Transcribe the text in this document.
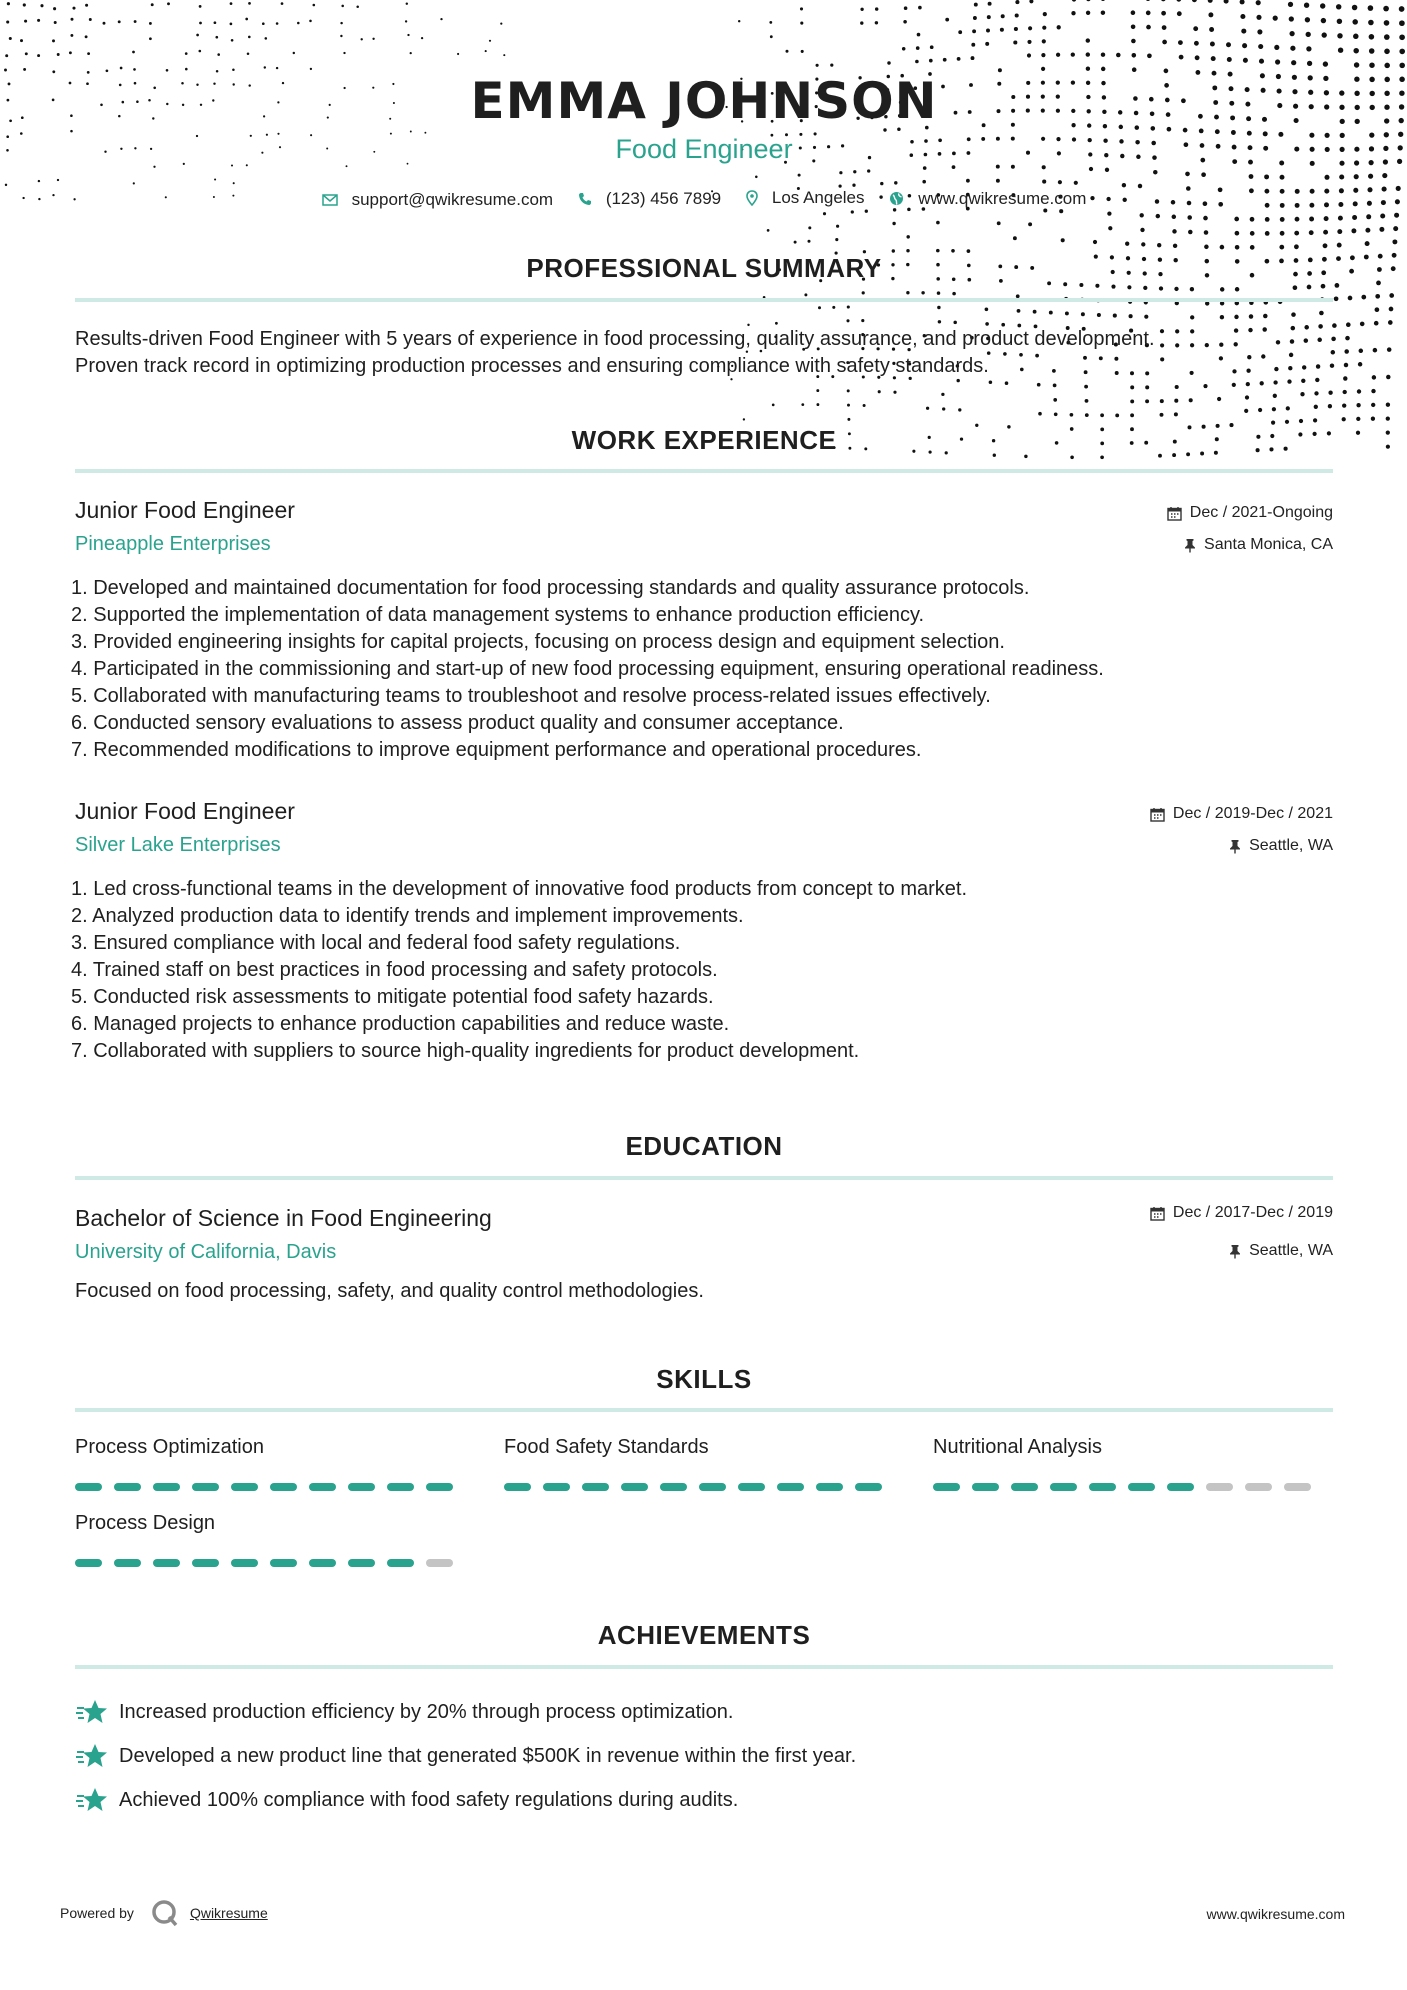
EMMA JOHNSON
Food Engineer
support@qwikresume.com
	(123) 456 7899
	Los Angeles
	www.qwikresume.com
PROFESSIONAL SUMMARY
Results-driven Food Engineer with 5 years of experience in food processing, quality assurance, and product development.
Proven track record in optimizing production processes and ensuring compliance with safety standards.
WORK EXPERIENCE
Junior Food Engineer
Pineapple Enterprises
Dec / 2021-Ongoing
Santa Monica, CA
1. Developed and maintained documentation for food processing standards and quality assurance protocols.
2. Supported the implementation of data management systems to enhance production efficiency.
3. Provided engineering insights for capital projects, focusing on process design and equipment selection.
4. Participated in the commissioning and start-up of new food processing equipment, ensuring operational readiness.
5. Collaborated with manufacturing teams to troubleshoot and resolve process-related issues effectively.
6. Conducted sensory evaluations to assess product quality and consumer acceptance.
7. Recommended modifications to improve equipment performance and operational procedures.
Junior Food Engineer
Silver Lake Enterprises
Dec / 2019-Dec / 2021
Seattle, WA
1. Led cross-functional teams in the development of innovative food products from concept to market.
2. Analyzed production data to identify trends and implement improvements.
3. Ensured compliance with local and federal food safety regulations.
4. Trained staff on best practices in food processing and safety protocols.
5. Conducted risk assessments to mitigate potential food safety hazards.
6. Managed projects to enhance production capabilities and reduce waste.
7. Collaborated with suppliers to source high-quality ingredients for product development.
EDUCATION
Bachelor of Science in Food Engineering
University of California, Davis
Dec / 2017-Dec / 2019
Seattle, WA
Focused on food processing, safety, and quality control methodologies.
SKILLS
Process Optimization	Food Safety Standards	Nutritional Analysis
Process Design
ACHIEVEMENTS
Increased production efficiency by 20% through process optimization.
Developed a new product line that generated $500K in revenue within the first year.
Achieved 100% compliance with food safety regulations during audits.
Powered by	Qwikresume	www.qwikresume.com
